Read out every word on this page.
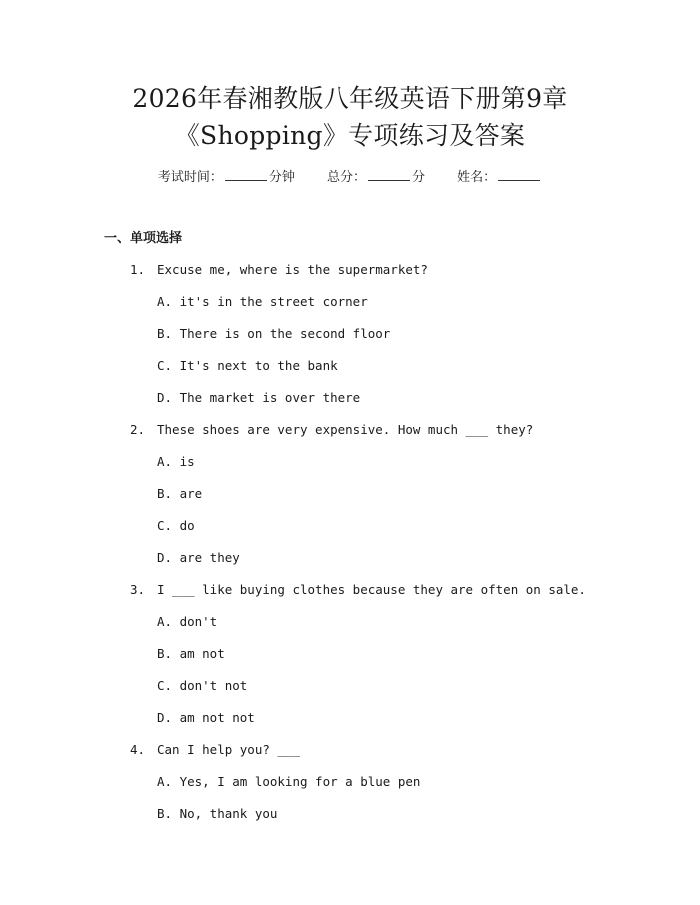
2026年春湘教版八年级英语下册第9章
《Shopping》专项练习及答案
考试时间：	分钟 总分：	分 姓名：
一、单项选择
1. Excuse me, where is the supermarket?
A. it's in the street corner
B. There is on the second floor
C. It's next to the bank
D. The market is over there
2. These shoes are very expensive. How much ___ they?
A. is
B. are
C. do
D. are they
3. I ___ like buying clothes because they are often on sale.
A. don't
B. am not
C. don't not
D. am not not
4. Can I help you? ___
A. Yes, I am looking for a blue pen
B. No, thank you
